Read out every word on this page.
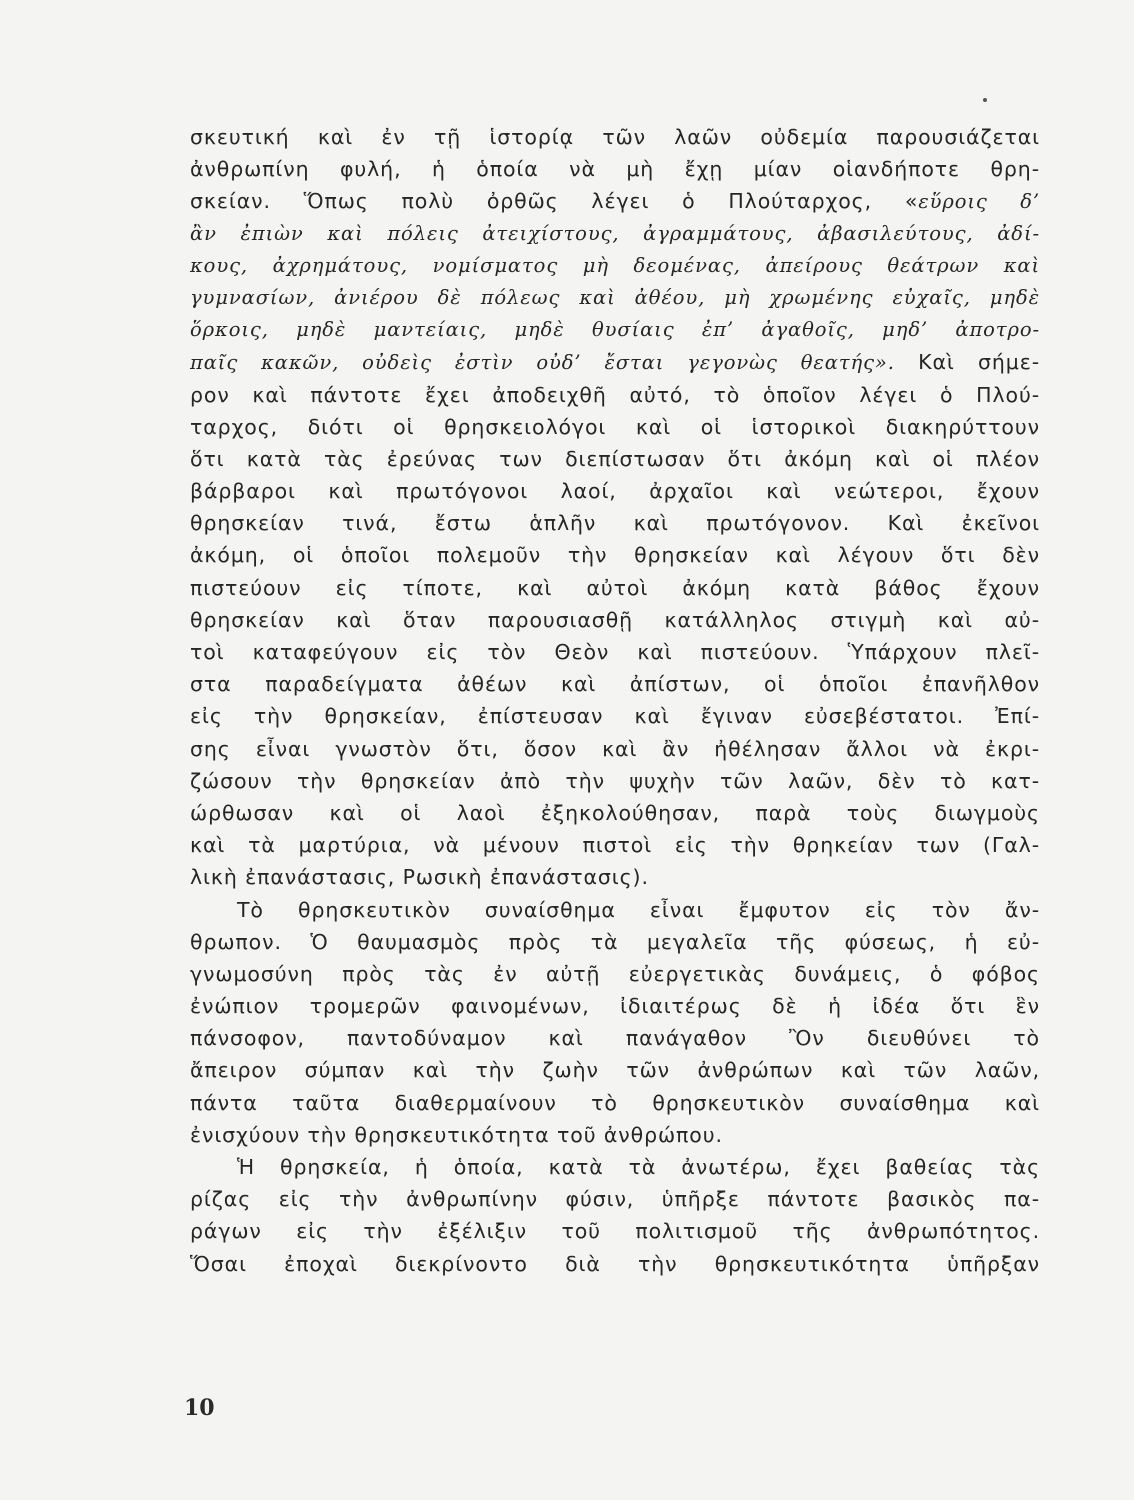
σκευτική καὶ ἐν τῇ ἱστορίᾳ τῶν λαῶν οὐδεμία παρουσιάζεται
ἀνθρωπίνη φυλή, ἡ ὁποία νὰ μὴ ἔχῃ μίαν οἱανδήποτε θρη-
σκείαν. Ὅπως πολὺ ὀρθῶς λέγει ὁ Πλούταρχος, «εὕροις δ’
ἂν ἐπιὼν καὶ πόλεις ἀτειχίστους, ἀγραμμάτους, ἀβασιλεύτους, ἀδί-
κους, ἀχρημάτους, νομίσματος μὴ δεομένας, ἀπείρους θεάτρων καὶ
γυμνασίων, ἀνιέρου δὲ πόλεως καὶ ἀθέου, μὴ χρωμένης εὐχαῖς, μηδὲ
ὅρκοις, μηδὲ μαντείαις, μηδὲ θυσίαις ἐπ’ ἀγαθοῖς, μηδ’ ἀποτρο-
παῖς κακῶν, οὐδεὶς ἐστὶν οὐδ’ ἔσται γεγονὼς θεατής». Καὶ σήμε-
ρον καὶ πάντοτε ἔχει ἀποδειχθῆ αὐτό, τὸ ὁποῖον λέγει ὁ Πλού-
ταρχος, διότι οἱ θρησκειολόγοι καὶ οἱ ἱστορικοὶ διακηρύττουν
ὅτι κατὰ τὰς ἐρεύνας των διεπίστωσαν ὅτι ἀκόμη καὶ οἱ πλέον
βάρβαροι καὶ πρωτόγονοι λαοί, ἀρχαῖοι καὶ νεώτεροι, ἔχουν
θρησκείαν τινά, ἔστω ἁπλῆν καὶ πρωτόγονον. Καὶ ἐκεῖνοι
ἀκόμη, οἱ ὁποῖοι πολεμοῦν τὴν θρησκείαν καὶ λέγουν ὅτι δὲν
πιστεύουν εἰς τίποτε, καὶ αὐτοὶ ἀκόμη κατὰ βάθος ἔχουν
θρησκείαν καὶ ὅταν παρουσιασθῇ κατάλληλος στιγμὴ καὶ αὐ-
τοὶ καταφεύγουν εἰς τὸν Θεὸν καὶ πιστεύουν. Ὑπάρχουν πλεῖ-
στα παραδείγματα ἀθέων καὶ ἀπίστων, οἱ ὁποῖοι ἐπανῆλθον
εἰς τὴν θρησκείαν, ἐπίστευσαν καὶ ἔγιναν εὐσεβέστατοι. Ἐπί-
σης εἶναι γνωστὸν ὅτι, ὅσον καὶ ἂν ἠθέλησαν ἄλλοι νὰ ἐκρι-
ζώσουν τὴν θρησκείαν ἀπὸ τὴν ψυχὴν τῶν λαῶν, δὲν τὸ κατ-
ώρθωσαν καὶ οἱ λαοὶ ἐξηκολούθησαν, παρὰ τοὺς διωγμοὺς
καὶ τὰ μαρτύρια, νὰ μένουν πιστοὶ εἰς τὴν θρηκείαν των (Γαλ-
λικὴ ἐπανάστασις, Ρωσικὴ ἐπανάστασις).
Τὸ θρησκευτικὸν συναίσθημα εἶναι ἔμφυτον εἰς τὸν ἄν-
θρωπον. Ὁ θαυμασμὸς πρὸς τὰ μεγαλεῖα τῆς φύσεως, ἡ εὐ-
γνωμοσύνη πρὸς τὰς ἐν αὐτῇ εὐεργετικὰς δυνάμεις, ὁ φόβος
ἐνώπιον τρομερῶν φαινομένων, ἰδιαιτέρως δὲ ἡ ἰδέα ὅτι ἓν
πάνσοφον, παντοδύναμον καὶ πανάγαθον Ὂν διευθύνει τὸ
ἄπειρον σύμπαν καὶ τὴν ζωὴν τῶν ἀνθρώπων καὶ τῶν λαῶν,
πάντα ταῦτα διαθερμαίνουν τὸ θρησκευτικὸν συναίσθημα καὶ
ἐνισχύουν τὴν θρησκευτικότητα τοῦ ἀνθρώπου.
Ἡ θρησκεία, ἡ ὁποία, κατὰ τὰ ἀνωτέρω, ἔχει βαθείας τὰς
ρίζας εἰς τὴν ἀνθρωπίνην φύσιν, ὑπῆρξε πάντοτε βασικὸς πα-
ράγων εἰς τὴν ἐξέλιξιν τοῦ πολιτισμοῦ τῆς ἀνθρωπότητος.
Ὅσαι ἐποχαὶ διεκρίνοντο διὰ τὴν θρησκευτικότητα ὑπῆρξαν
10
